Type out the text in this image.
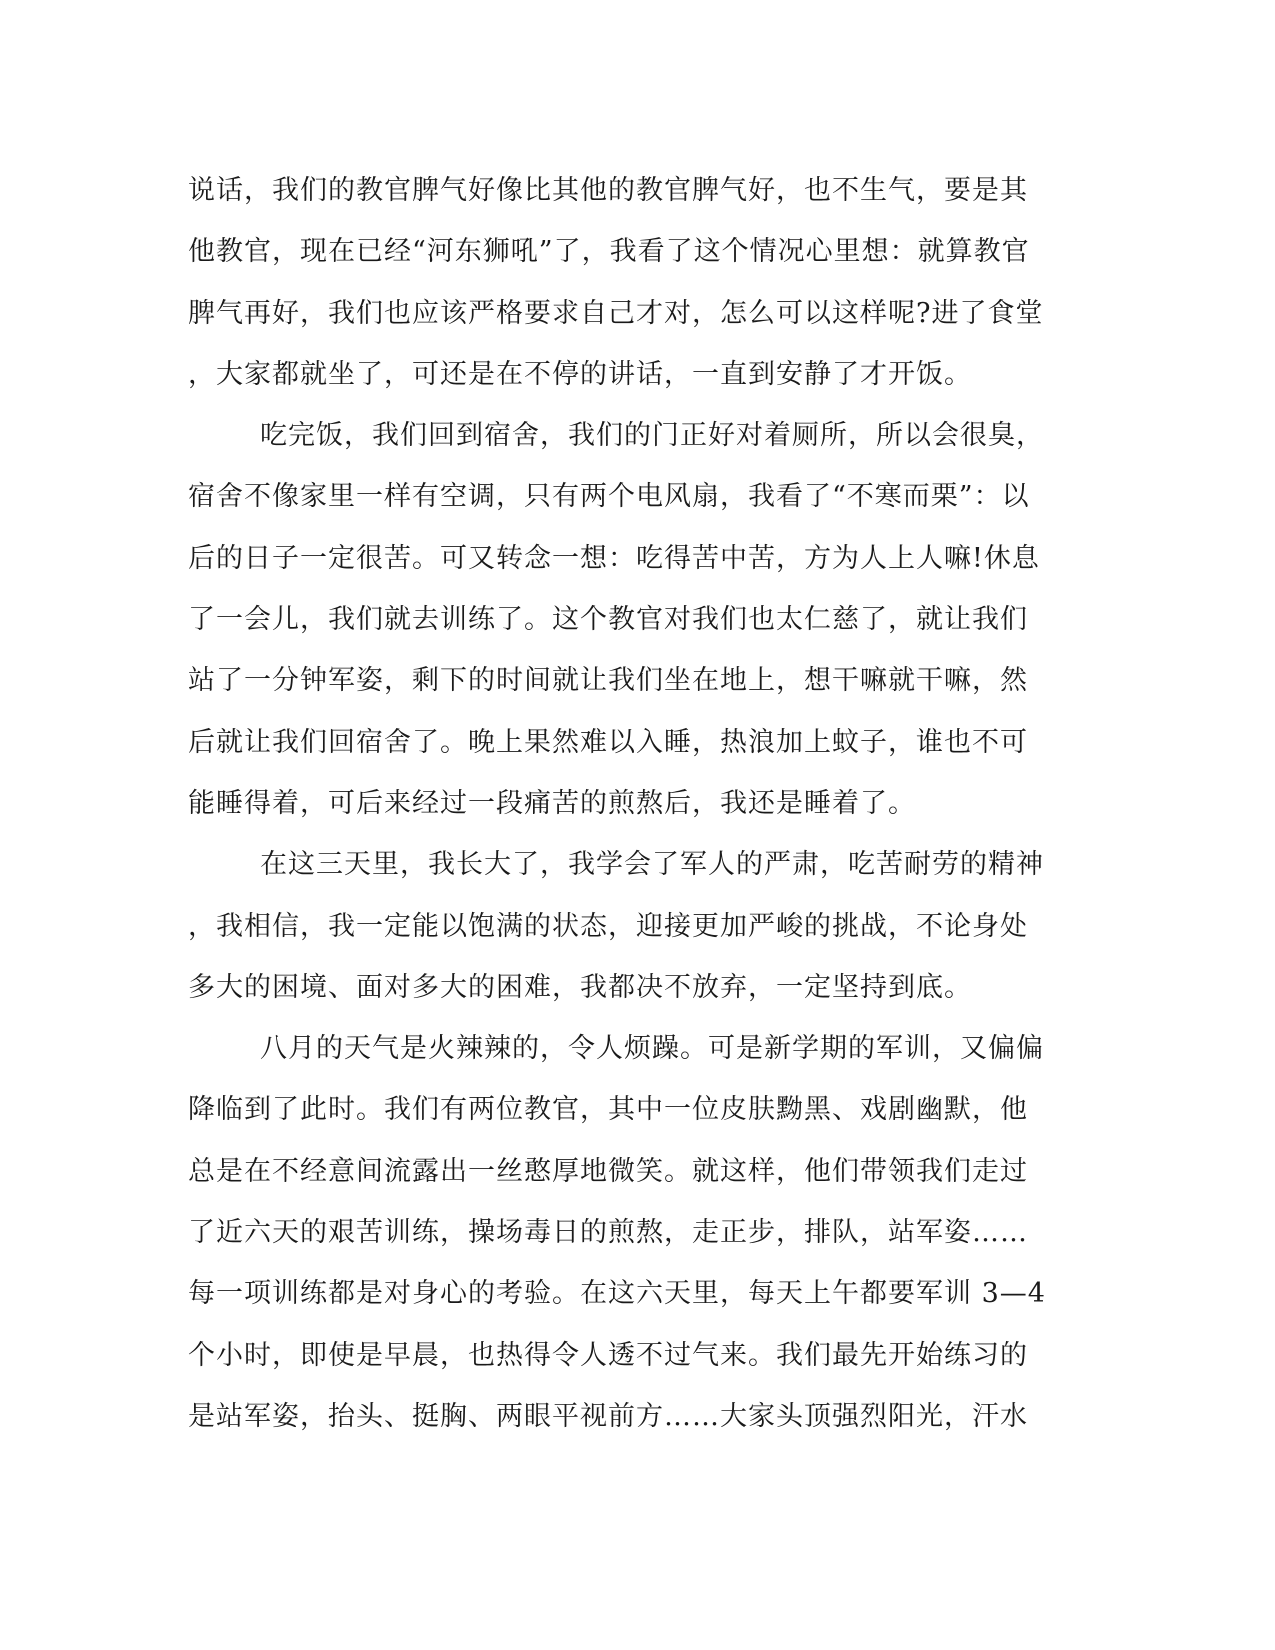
说话，我们的教官脾气好像比其他的教官脾气好，也不生气，要是其
他教官，现在已经“河东狮吼”了，我看了这个情况心里想：就算教官
脾气再好，我们也应该严格要求自己才对，怎么可以这样呢?进了食堂
，大家都就坐了，可还是在不停的讲话，一直到安静了才开饭。
吃完饭，我们回到宿舍，我们的门正好对着厕所，所以会很臭，
宿舍不像家里一样有空调，只有两个电风扇，我看了“不寒而栗”：以
后的日子一定很苦。可又转念一想：吃得苦中苦，方为人上人嘛!休息
了一会儿，我们就去训练了。这个教官对我们也太仁慈了，就让我们
站了一分钟军姿，剩下的时间就让我们坐在地上，想干嘛就干嘛，然
后就让我们回宿舍了。晚上果然难以入睡，热浪加上蚊子，谁也不可
能睡得着，可后来经过一段痛苦的煎熬后，我还是睡着了。
在这三天里，我长大了，我学会了军人的严肃，吃苦耐劳的精神
，我相信，我一定能以饱满的状态，迎接更加严峻的挑战，不论身处
多大的困境、面对多大的困难，我都决不放弃，一定坚持到底。
八月的天气是火辣辣的，令人烦躁。可是新学期的军训，又偏偏
降临到了此时。我们有两位教官，其中一位皮肤黝黑、戏剧幽默，他
总是在不经意间流露出一丝憨厚地微笑。就这样，他们带领我们走过
了近六天的艰苦训练，操场毒日的煎熬，走正步，排队，站军姿……
每一项训练都是对身心的考验。在这六天里，每天上午都要军训 3—4
个小时，即使是早晨，也热得令人透不过气来。我们最先开始练习的
是站军姿，抬头、挺胸、两眼平视前方……大家头顶强烈阳光，汗水
